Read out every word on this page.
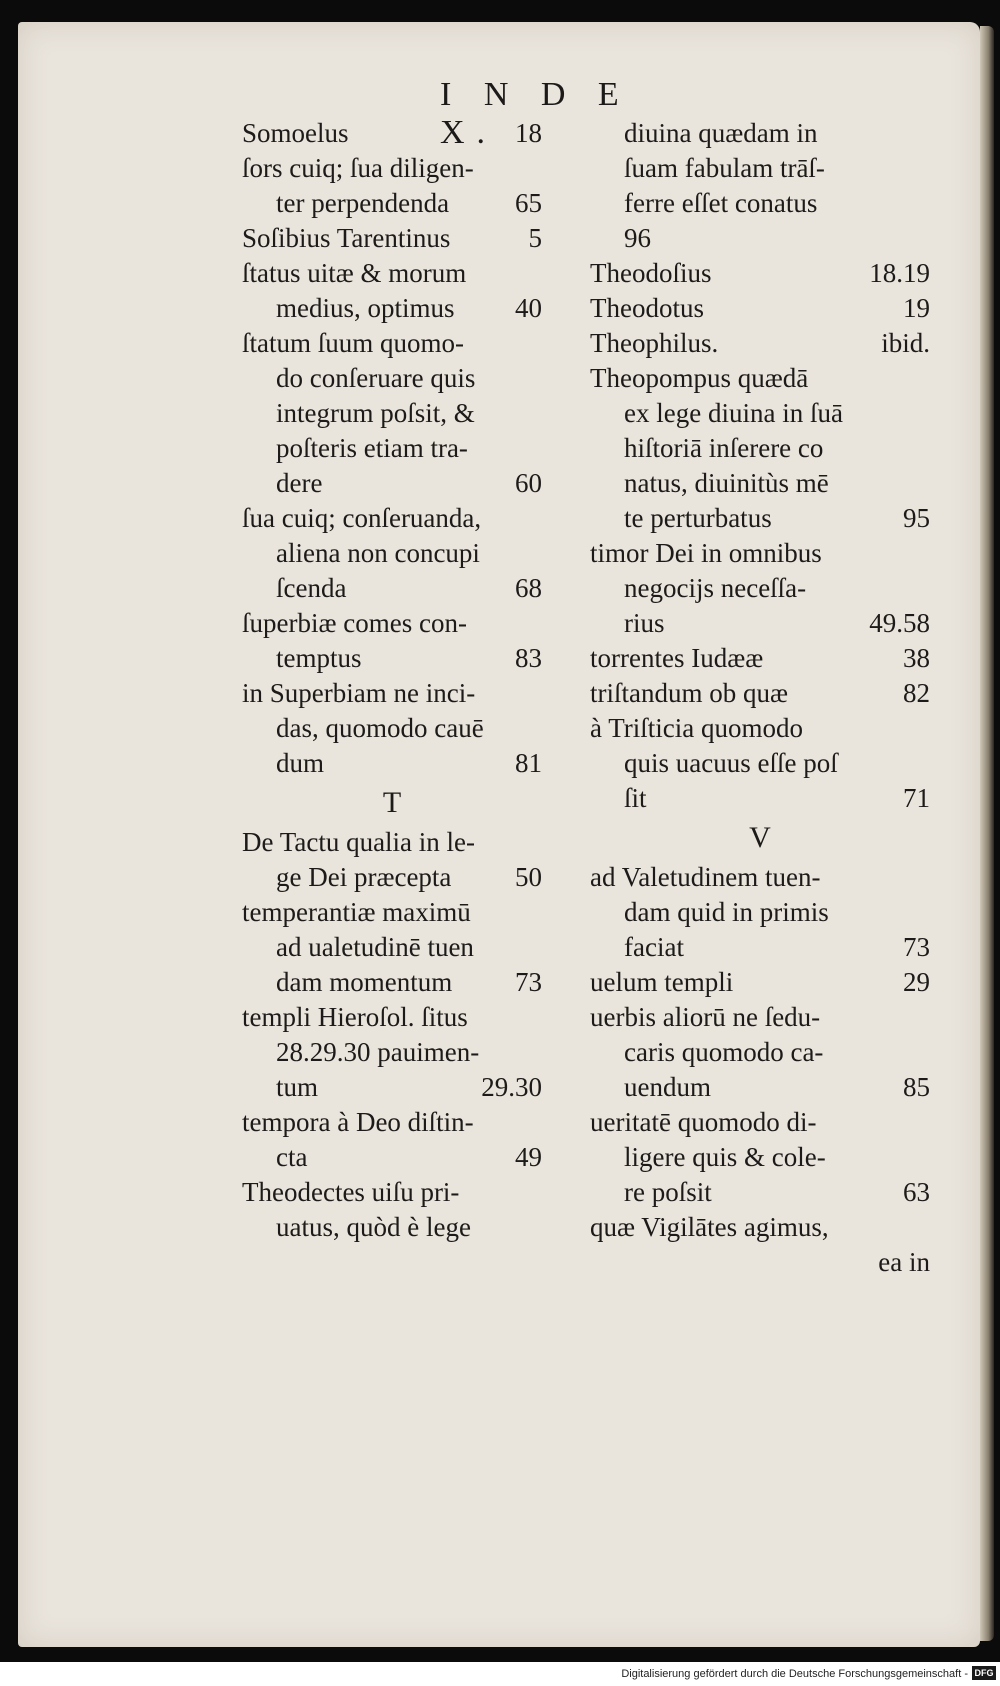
I N D E X.
Somoelus	18
ſors cuiq; ſua diligen-
ter perpendenda	65
Soſibius Tarentinus	5
ſtatus uitæ & morum
medius, optimus	40
ſtatum ſuum quomo-
do conſeruare quis
integrum poſsit, &
poſteris etiam tra-
dere	60
ſua cuiq; conſeruanda,
aliena non concupi
ſcenda	68
ſuperbiæ comes con-
temptus	83
in Superbiam ne inci-
das, quomodo cauē
dum	81
T
De Tactu qualia in le-
ge Dei præcepta	50
temperantiæ maximū
ad ualetudinē tuen
dam momentum	73
templi Hieroſol. ſitus
28.29.30 pauimen-
tum	29.30
tempora à Deo diſtin-
cta	49
Theodectes uiſu pri-
uatus, quòd è lege
diuina quædam in
ſuam fabulam trāſ-
ferre eſſet conatus
96
Theodoſius	18.19
Theodotus	19
Theophilus.	ibid.
Theopompus quædā
ex lege diuina in ſuā
hiſtoriā inſerere co
natus, diuinitùs mē
te perturbatus	95
timor Dei in omnibus
negocijs neceſſa-
rius	49.58
torrentes Iudææ	38
triſtandum ob quæ	82
à Triſticia quomodo
quis uacuus eſſe poſ
ſit	71
V
ad Valetudinem tuen-
dam quid in primis
faciat	73
uelum templi	29
uerbis aliorū ne ſedu-
caris quomodo ca-
uendum	85
ueritatē quomodo di-
ligere quis & cole-
re poſsit	63
quæ Vigilātes agimus,
ea in
Digitalisierung gefördert durch die Deutsche Forschungsgemeinschaft - DFG
